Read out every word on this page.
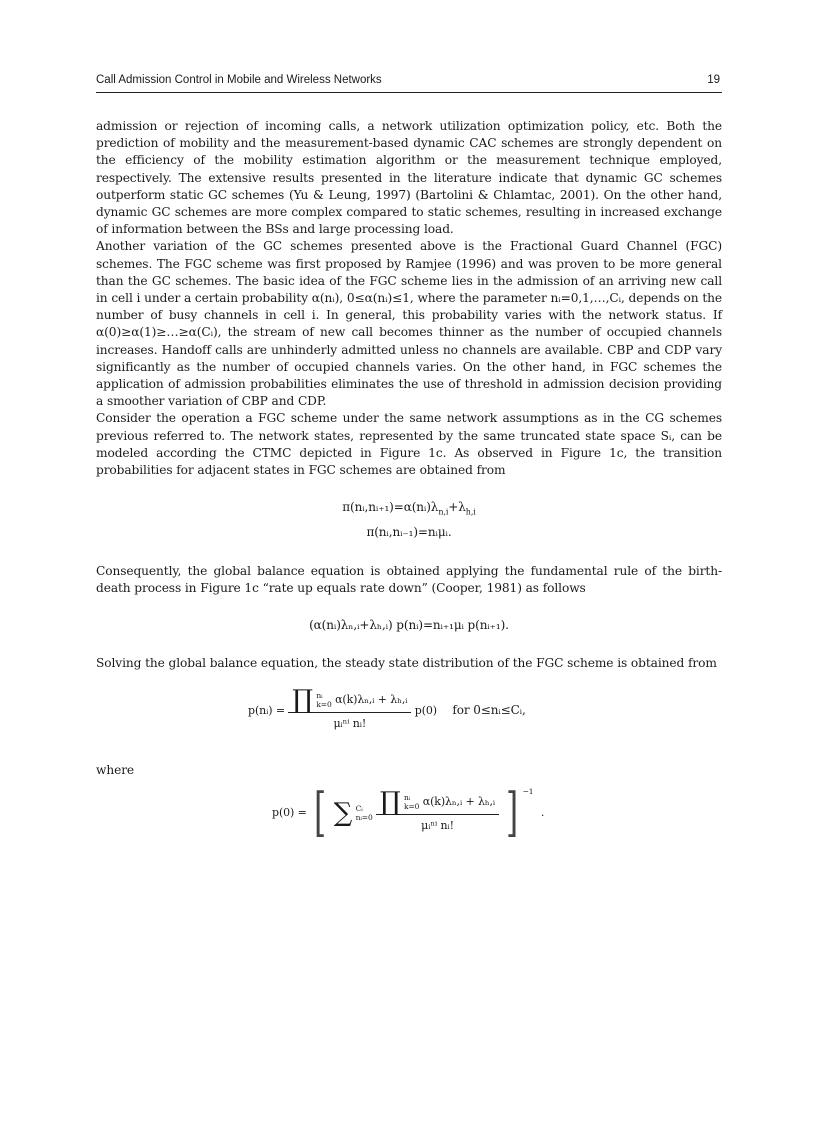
Call Admission Control in Mobile and Wireless Networks	19

admission or rejection of incoming calls, a network utilization optimization policy, etc. Both the prediction of mobility and the measurement-based dynamic CAC schemes are strongly dependent on the efficiency of the mobility estimation algorithm or the measurement technique employed, respectively. The extensive results presented in the literature indicate that dynamic GC schemes outperform static GC schemes (Yu & Leung, 1997) (Bartolini & Chlamtac, 2001). On the other hand, dynamic GC schemes are more complex compared to static schemes, resulting in increased exchange of information between the BSs and large processing load.

Another variation of the GC schemes presented above is the Fractional Guard Channel (FGC) schemes. The FGC scheme was first proposed by Ramjee (1996) and was proven to be more general than the GC schemes. The basic idea of the FGC scheme lies in the admission of an arriving new call in cell i under a certain probability α(nᵢ), 0≤α(nᵢ)≤1, where the parameter nᵢ=0,1,…,Cᵢ, depends on the number of busy channels in cell i. In general, this probability varies with the network status. If α(0)≥α(1)≥…≥α(Cᵢ), the stream of new call becomes thinner as the number of occupied channels increases. Handoff calls are unhinderly admitted unless no channels are available. CBP and CDP vary significantly as the number of occupied channels varies. On the other hand, in FGC schemes the application of admission probabilities eliminates the use of threshold in admission decision providing a smoother variation of CBP and CDP.

Consider the operation a FGC scheme under the same network assumptions as in the CG schemes previous referred to. The network states, represented by the same truncated state space Sᵢ, can be modeled according the CTMC depicted in Figure 1c. As observed in Figure 1c, the transition probabilities for adjacent states in FGC schemes are obtained from

$\pi(nᵢ,nᵢ_{+1})=\alpha(nᵢ)\lambda_{n,i}+\lambda_{h,i}$
π(nᵢ,nᵢ₋₁)=nᵢμᵢ.

Consequently, the global balance equation is obtained applying the fundamental rule of the birth-death process in Figure 1c “rate up equals rate down” (Cooper, 1981) as follows

(α(nᵢ)λₙ,ᵢ+λₕ,ᵢ) p(nᵢ)=nᵢ₊₁μᵢ p(nᵢ₊₁).

Solving the global balance equation, the steady state distribution of the FGC scheme is obtained from

p(nᵢ) = ∏ nᵢ
k=0 α(k)λₙ,ᵢ + λₕ,ᵢ
μᵢⁿⁱ nᵢ!
p(0) for 0≤nᵢ≤Cᵢ,

where

p(0) = [ ∑ Cᵢ
nᵢ=0
∏ nᵢ
k=0 α(k)λₙ,ᵢ + λₕ,ᵢ
μᵢⁿⁱ nᵢ!	] $^{-1}$ .
